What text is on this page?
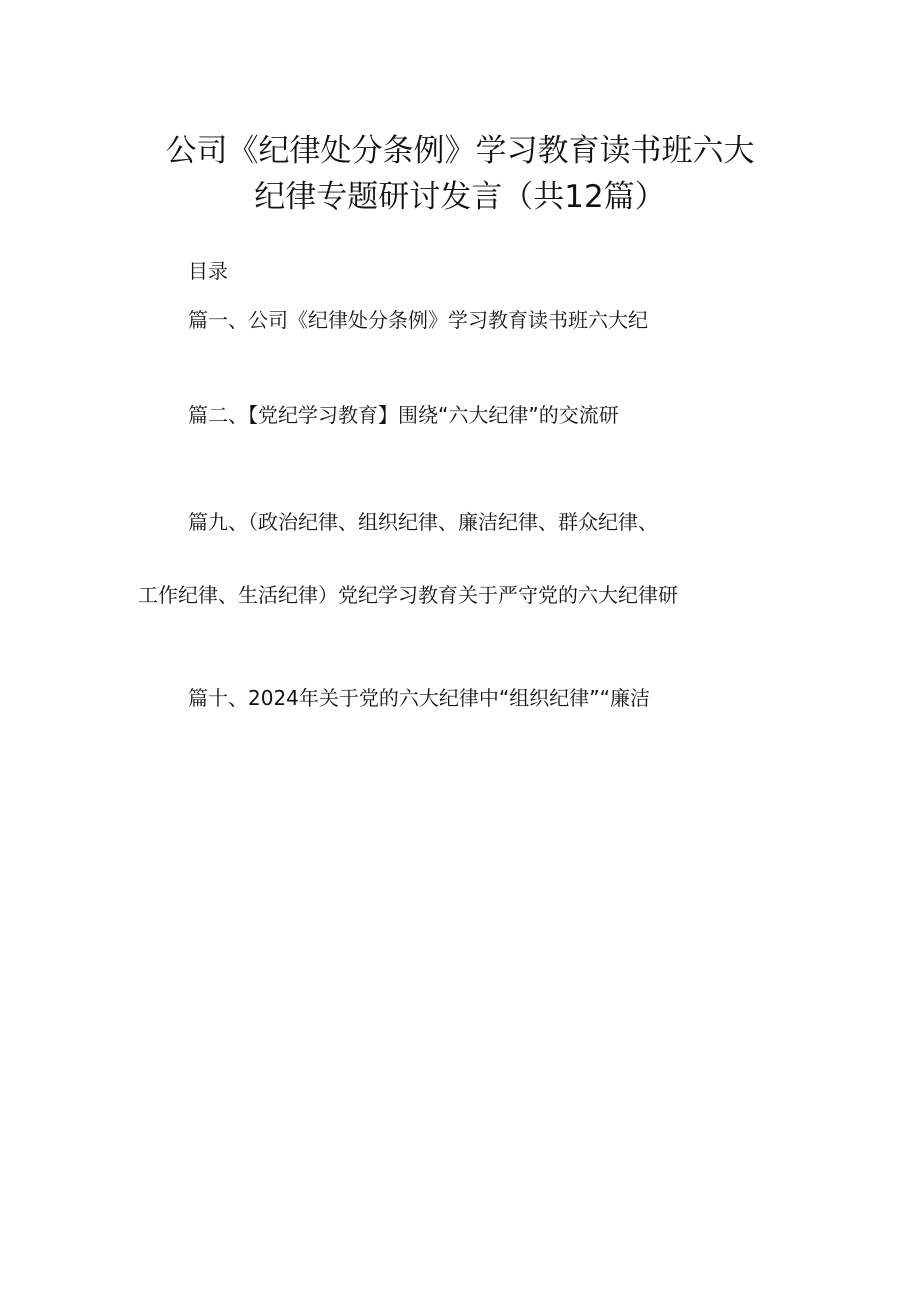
公司《纪律处分条例》学习教育读书班六大
纪律专题研讨发言（共12篇）
目录
篇一、公司《纪律处分条例》学习教育读书班六大纪
篇二、【党纪学习教育】围绕“六大纪律”的交流研
篇九、（政治纪律、组织纪律、廉洁纪律、群众纪律、
工作纪律、生活纪律）党纪学习教育关于严守党的六大纪律研
篇十、2024年关于党的六大纪律中“组织纪律”“廉洁
